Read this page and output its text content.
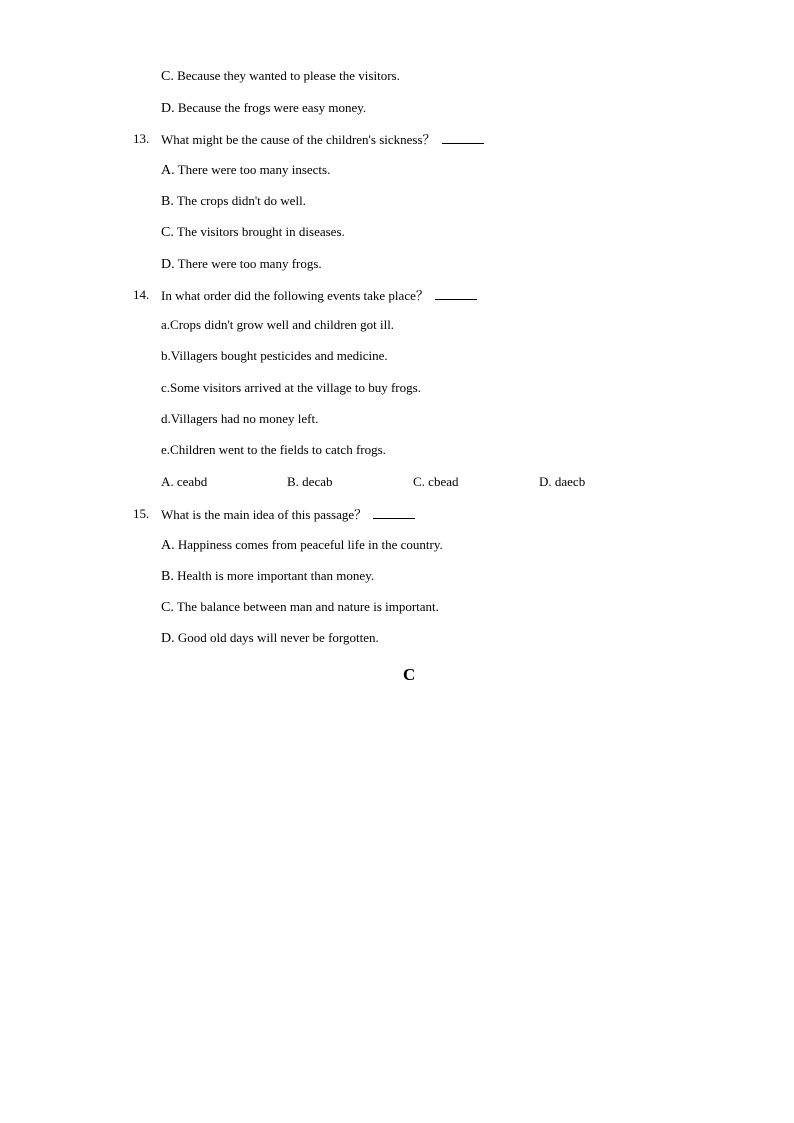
C. Because they wanted to please the visitors.
D. Because the frogs were easy money.
13. What might be the cause of the children's sickness？
A. There were too many insects.
B. The crops didn't do well.
C. The visitors brought in diseases.
D. There were too many frogs.
14. In what order did the following events take place？
a.Crops didn't grow well and children got ill.
b.Villagers bought pesticides and medicine.
c.Some visitors arrived at the village to buy frogs.
d.Villagers had no money left.
e.Children went to the fields to catch frogs.
A. ceabd	B. decab	C. cbead	D. daecb
15. What is the main idea of this passage？
A. Happiness comes from peaceful life in the country.
B. Health is more important than money.
C. The balance between man and nature is important.
D. Good old days will never be forgotten.
C
